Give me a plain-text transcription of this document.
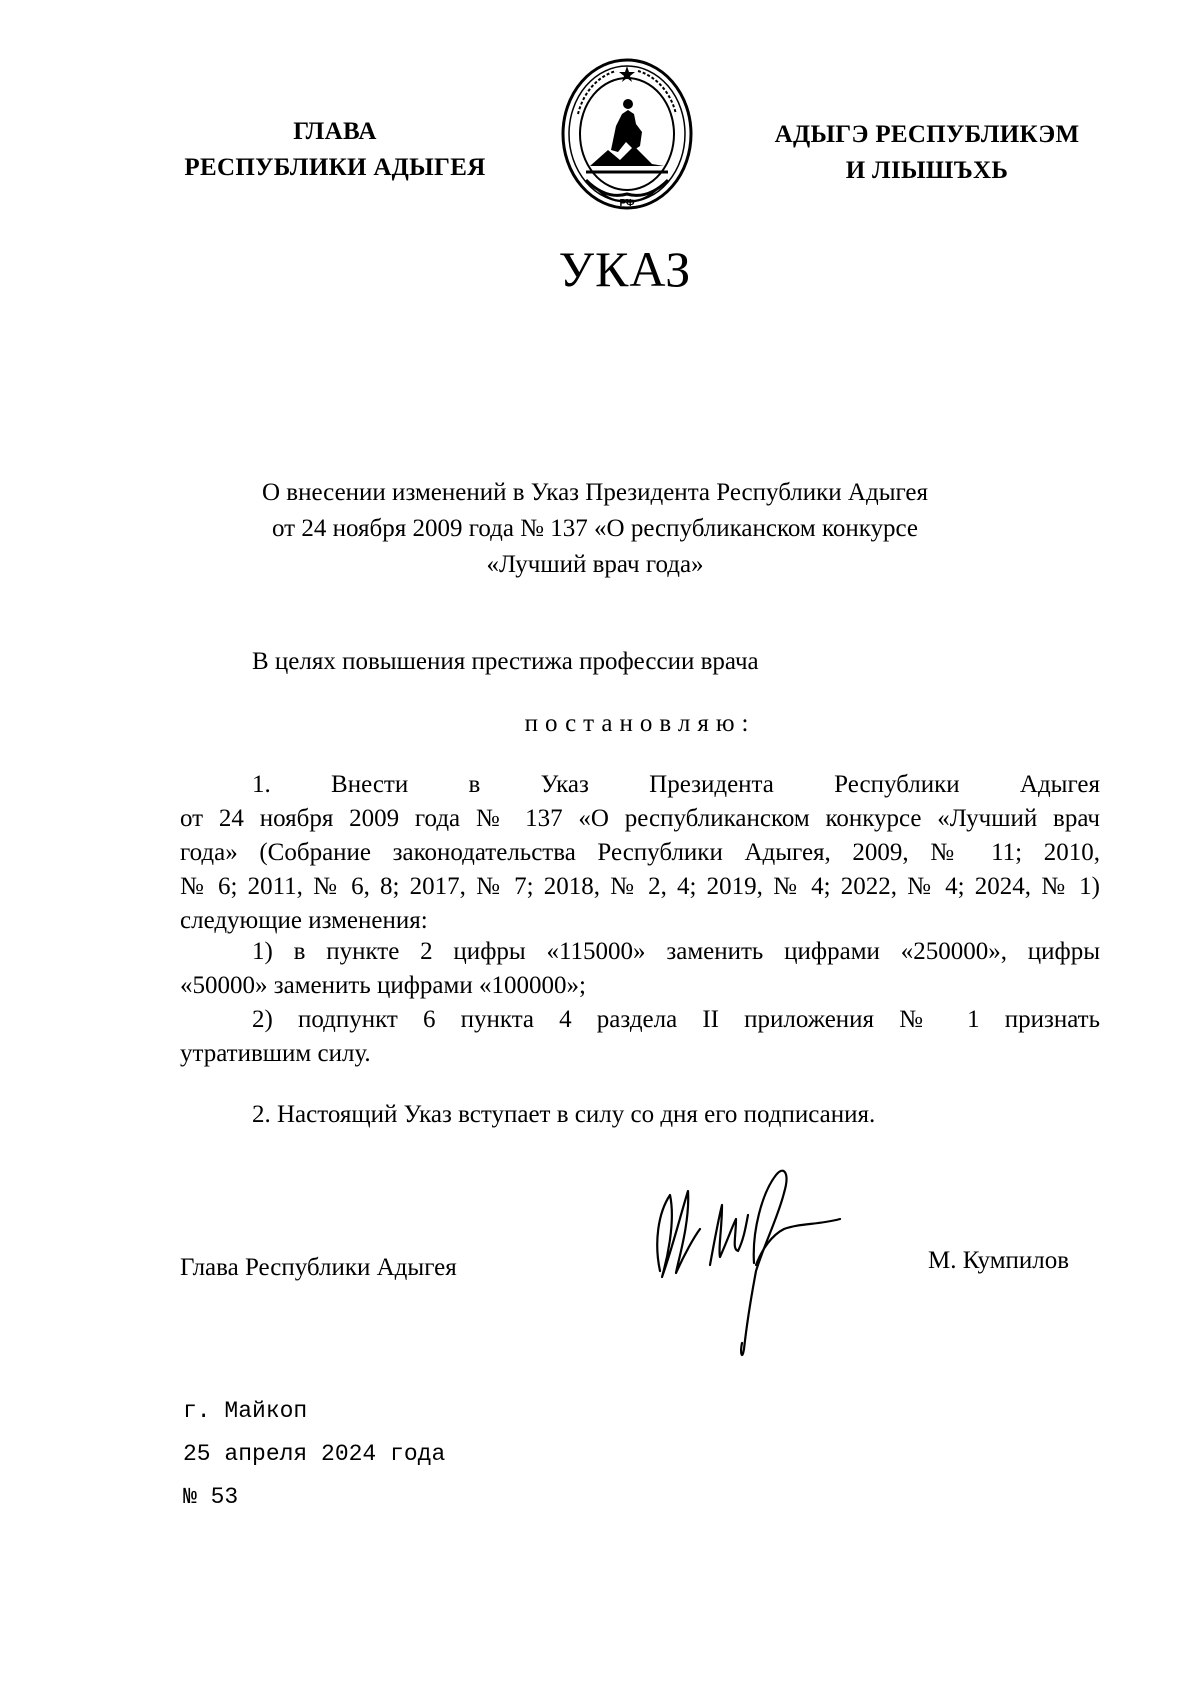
ГЛАВА
РЕСПУБЛИКИ АДЫГЕЯ
РФ
АДЫГЭ РЕСПУБЛИКЭМ
И ЛIЫШЪХЬ
УКАЗ
О внесении изменений в Указ Президента Республики Адыгея
от 24 ноября 2009 года № 137 «О республиканском конкурсе
«Лучший врач года»
В целях повышения престижа профессии врача
постановляю:
1. Внести в Указ Президента Республики Адыгея
от 24 ноября 2009 года № 137 «О республиканском конкурсе «Лучший врач
года» (Собрание законодательства Республики Адыгея, 2009, № 11; 2010,
№ 6; 2011, № 6, 8; 2017, № 7; 2018, № 2, 4; 2019, № 4; 2022, № 4; 2024, № 1)
следующие изменения:
1) в пункте 2 цифры «115000» заменить цифрами «250000», цифры
«50000» заменить цифрами «100000»;
2) подпункт 6 пункта 4 раздела II приложения № 1 признать
утратившим силу.
2. Настоящий Указ вступает в силу со дня его подписания.
Глава Республики Адыгея	М. Кумпилов
г. Майкоп
25 апреля 2024 года
№ 53
